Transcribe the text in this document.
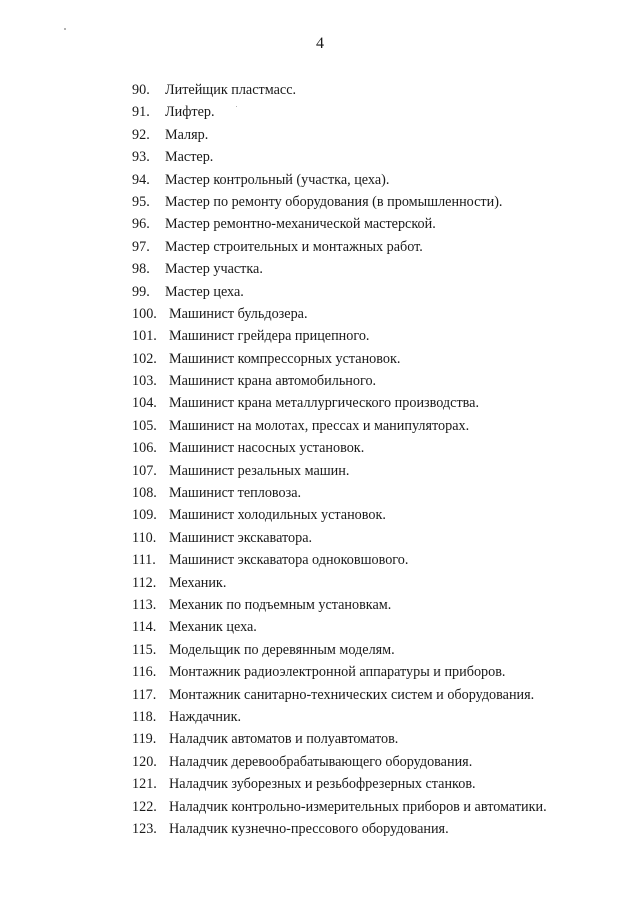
4
90.	Литейщик пластмасс.
91.	Лифтер.
92.	Маляр.
93.	Мастер.
94.	Мастер контрольный (участка, цеха).
95.	Мастер по ремонту оборудования (в промышленности).
96.	Мастер ремонтно-механической мастерской.
97.	Мастер строительных и монтажных работ.
98.	Мастер участка.
99.	Мастер цеха.
100. Машинист бульдозера.
101. Машинист грейдера прицепного.
102. Машинист компрессорных установок.
103. Машинист крана автомобильного.
104. Машинист крана металлургического производства.
105. Машинист на молотах, прессах и манипуляторах.
106. Машинист насосных установок.
107. Машинист резальных машин.
108. Машинист тепловоза.
109. Машинист холодильных установок.
110. Машинист экскаватора.
111. Машинист экскаватора одноковшового.
112. Механик.
113. Механик по подъемным установкам.
114. Механик цеха.
115. Модельщик по деревянным моделям.
116. Монтажник радиоэлектронной аппаратуры и приборов.
117. Монтажник санитарно-технических систем и оборудования.
118. Наждачник.
119. Наладчик автоматов и полуавтоматов.
120. Наладчик деревообрабатывающего оборудования.
121. Наладчик зуборезных и резьбофрезерных станков.
122. Наладчик контрольно-измерительных приборов и автоматики.
123. Наладчик кузнечно-прессового оборудования.
